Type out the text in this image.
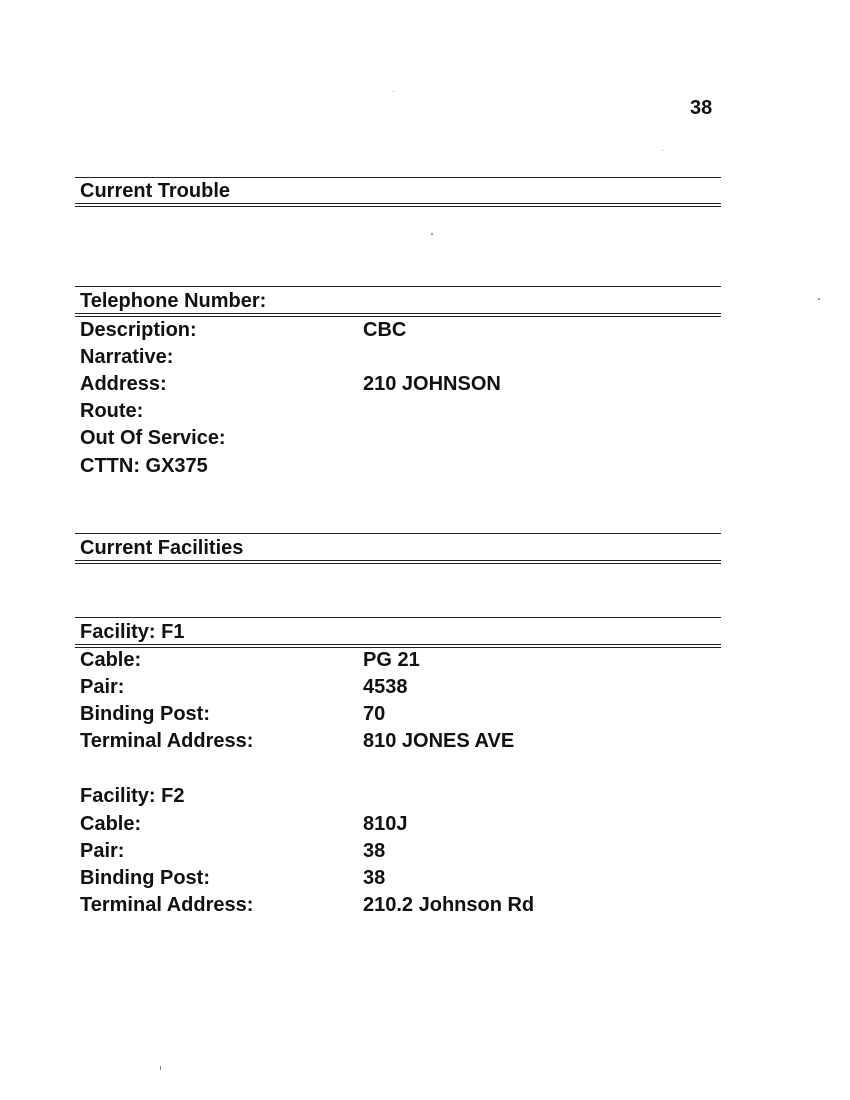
38
Current Trouble
Telephone Number:
Description:	CBC
Narrative:
Address:	210 JOHNSON
Route:
Out Of Service:
CTTN: GX375
Current Facilities
Facility: F1
Cable:	PG 21
Pair:	4538
Binding Post:	70
Terminal Address:	810 JONES AVE
Facility: F2
Cable:	810J
Pair:	38
Binding Post:	38
Terminal Address:	210.2 Johnson Rd
